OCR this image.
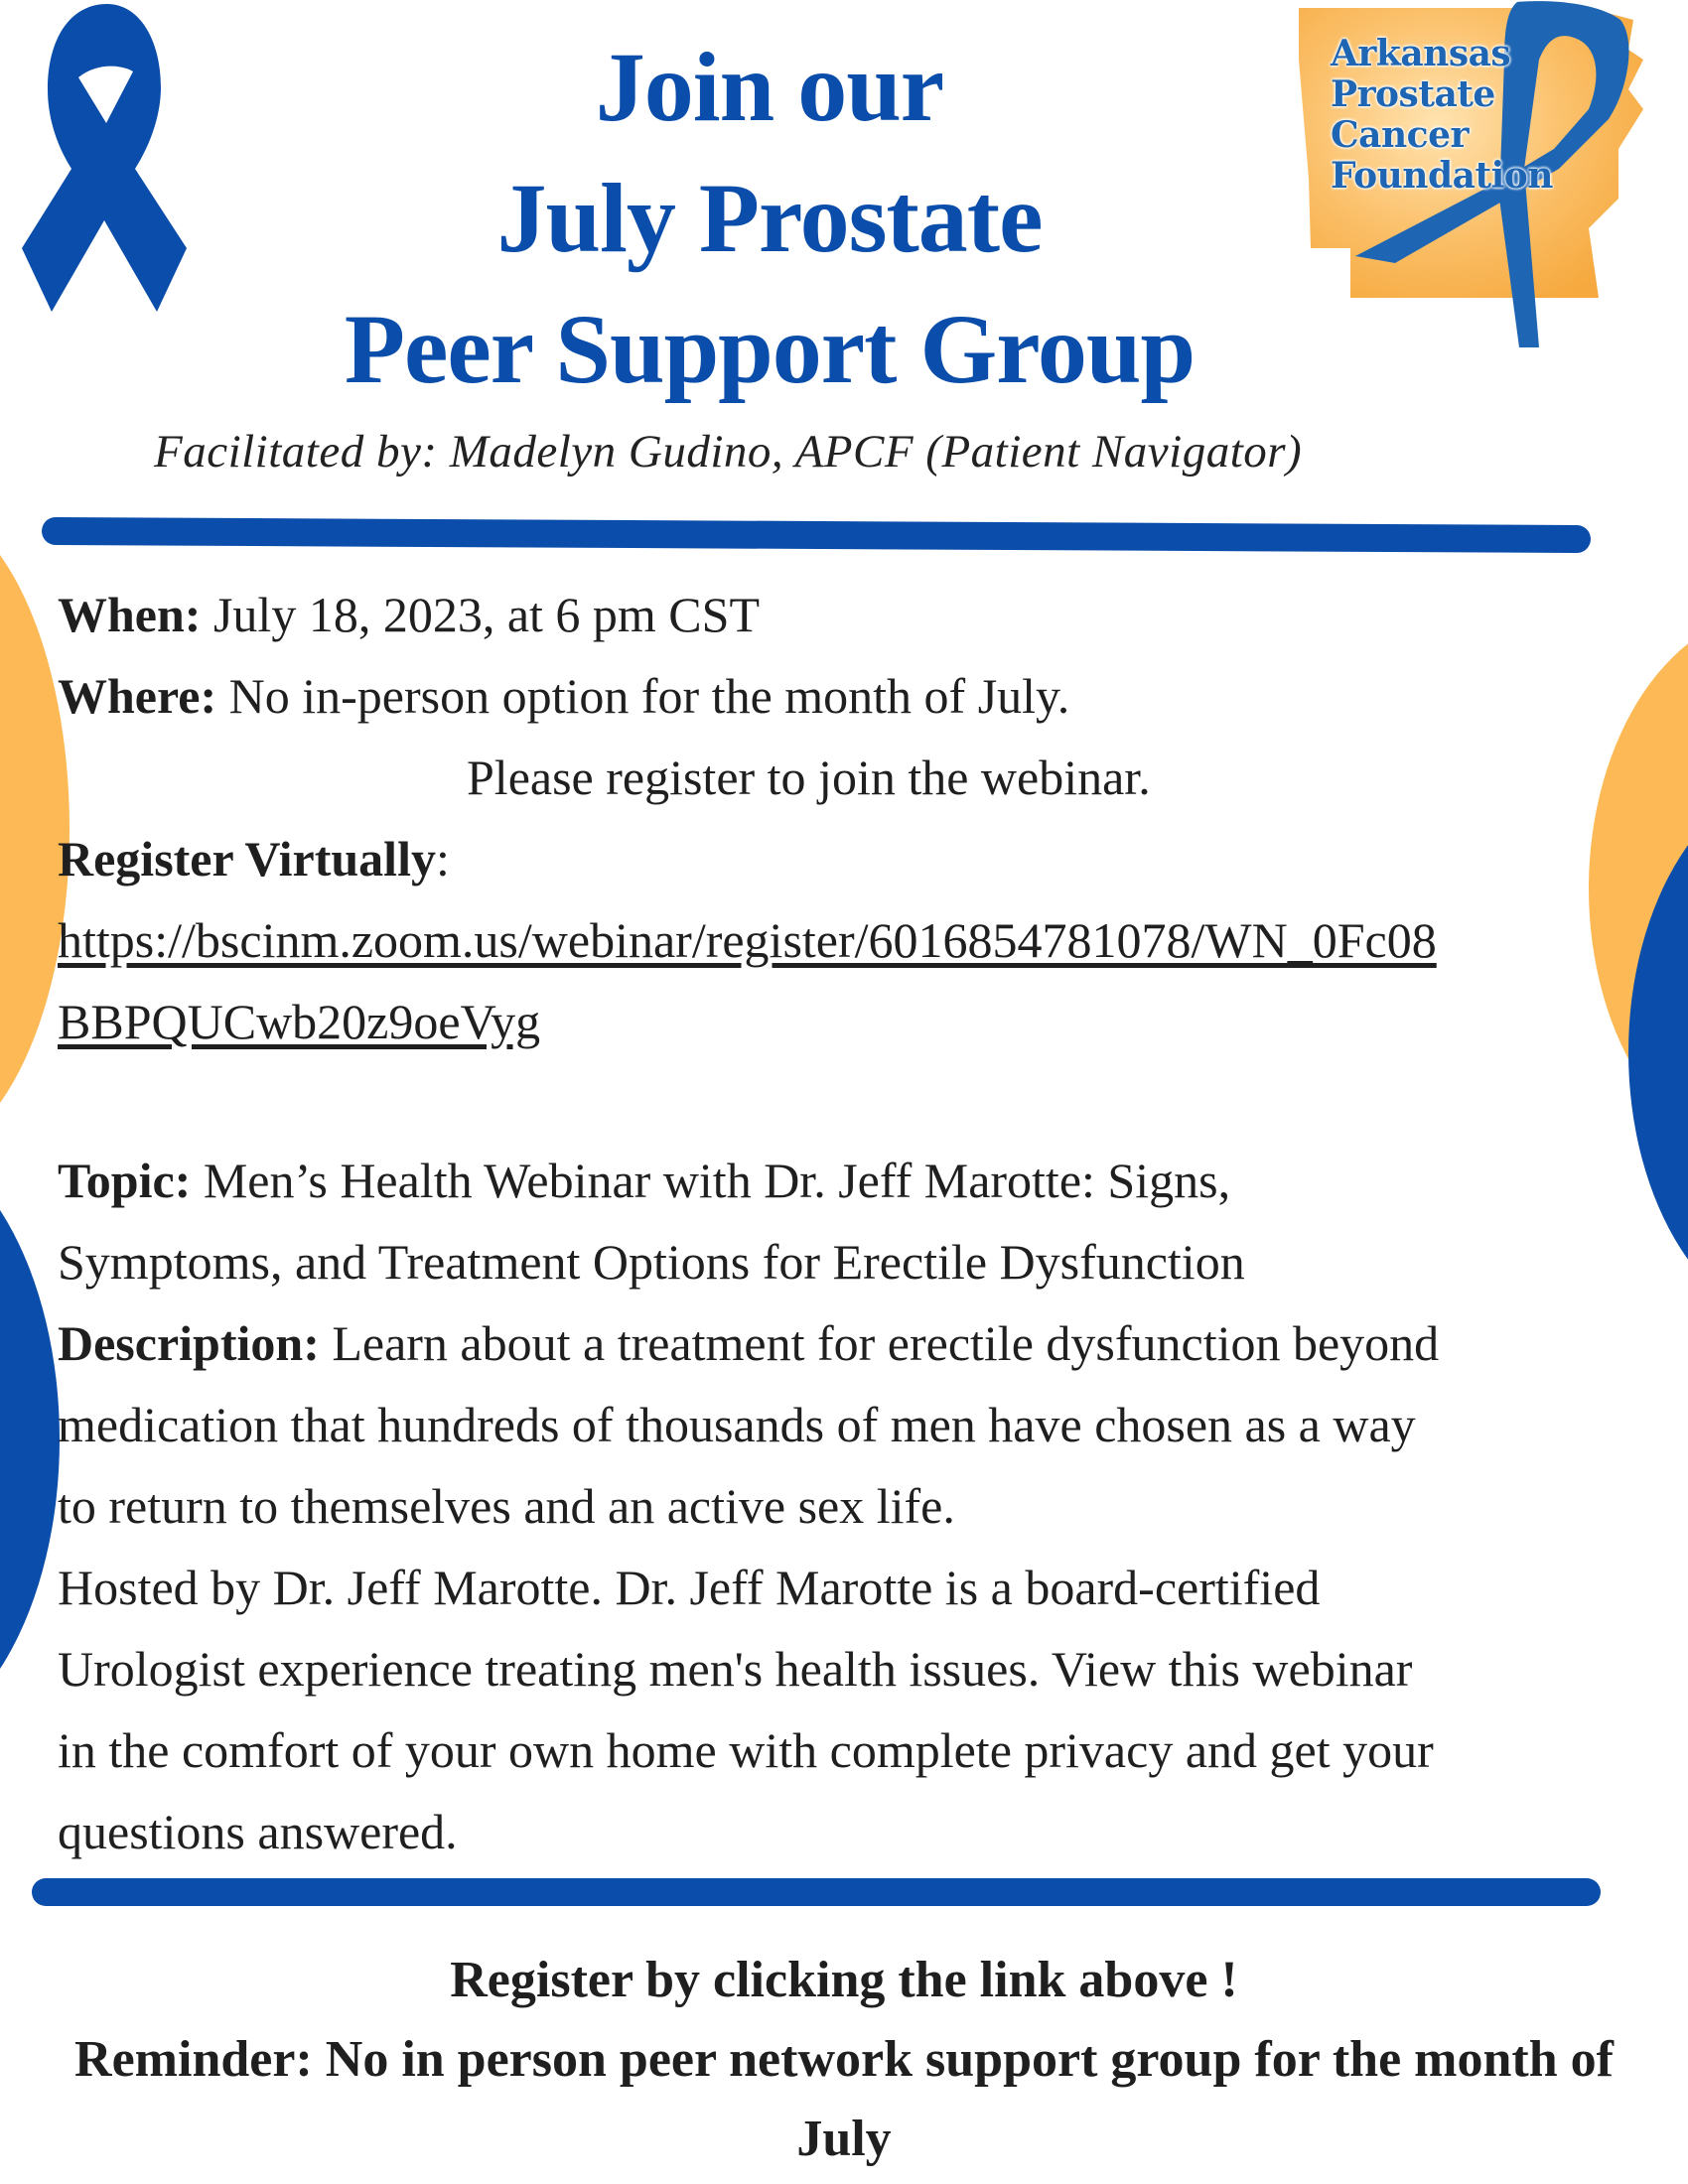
Join our
July Prostate
Peer Support Group
Arkansas
Prostate
Cancer
Foundation
Facilitated by: Madelyn Gudino, APCF (Patient Navigator)
When: July 18, 2023, at 6 pm CST
Where: No in-person option for the month of July.
Please register to join the webinar.
Register Virtually:
https://bscinm.zoom.us/webinar/register/6016854781078/WN_0Fc08
BBPQUCwb20z9oeVyg
Topic: Men’s Health Webinar with Dr. Jeff Marotte: Signs,
Symptoms, and Treatment Options for Erectile Dysfunction
Description: Learn about a treatment for erectile dysfunction beyond
medication that hundreds of thousands of men have chosen as a way
to return to themselves and an active sex life.
Hosted by Dr. Jeff Marotte. Dr. Jeff Marotte is a board-certified
Urologist experience treating men's health issues. View this webinar
in the comfort of your own home with complete privacy and get your
questions answered.
Register by clicking the link above !
Reminder: No in person peer network support group for the month of
July
